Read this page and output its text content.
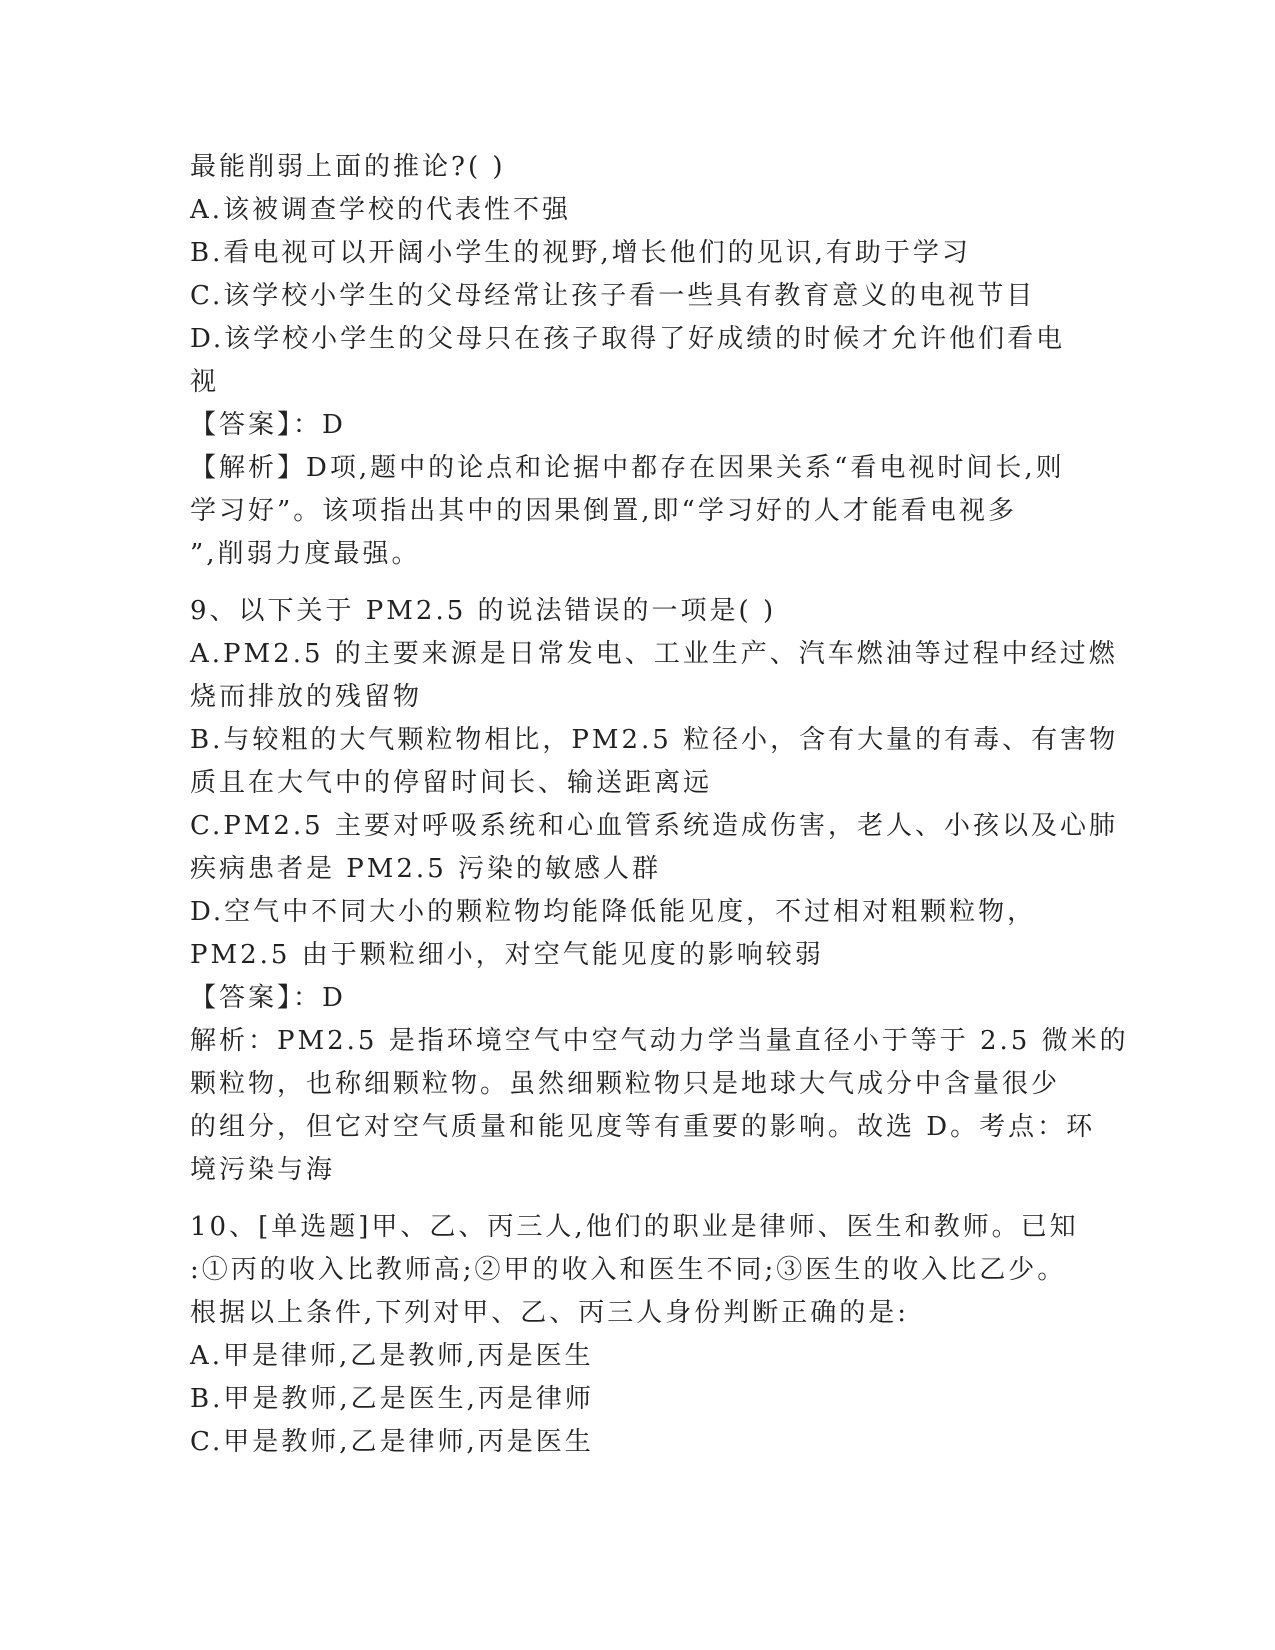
最能削弱上面的推论?( )
A.该被调查学校的代表性不强
B.看电视可以开阔小学生的视野,增长他们的见识,有助于学习
C.该学校小学生的父母经常让孩子看一些具有教育意义的电视节目
D.该学校小学生的父母只在孩子取得了好成绩的时候才允许他们看电
视
【答案】：D
【解析】D项,题中的论点和论据中都存在因果关系“看电视时间长,则
学习好”。该项指出其中的因果倒置,即“学习好的人才能看电视多
”,削弱力度最强。
9、以下关于 PM2.5 的说法错误的一项是( )
A.PM2.5 的主要来源是日常发电、工业生产、汽车燃油等过程中经过燃
烧而排放的残留物
B.与较粗的大气颗粒物相比，PM2.5 粒径小，含有大量的有毒、有害物
质且在大气中的停留时间长、输送距离远
C.PM2.5 主要对呼吸系统和心血管系统造成伤害，老人、小孩以及心肺
疾病患者是 PM2.5 污染的敏感人群
D.空气中不同大小的颗粒物均能降低能见度，不过相对粗颗粒物，
PM2.5 由于颗粒细小，对空气能见度的影响较弱
【答案】：D
解析：PM2.5 是指环境空气中空气动力学当量直径小于等于 2.5 微米的
颗粒物，也称细颗粒物。虽然细颗粒物只是地球大气成分中含量很少
的组分，但它对空气质量和能见度等有重要的影响。故选 D。考点：环
境污染与海
10、[单选题]甲、乙、丙三人,他们的职业是律师、医生和教师。已知
:①丙的收入比教师高;②甲的收入和医生不同;③医生的收入比乙少。
根据以上条件,下列对甲、乙、丙三人身份判断正确的是:
A.甲是律师,乙是教师,丙是医生
B.甲是教师,乙是医生,丙是律师
C.甲是教师,乙是律师,丙是医生
